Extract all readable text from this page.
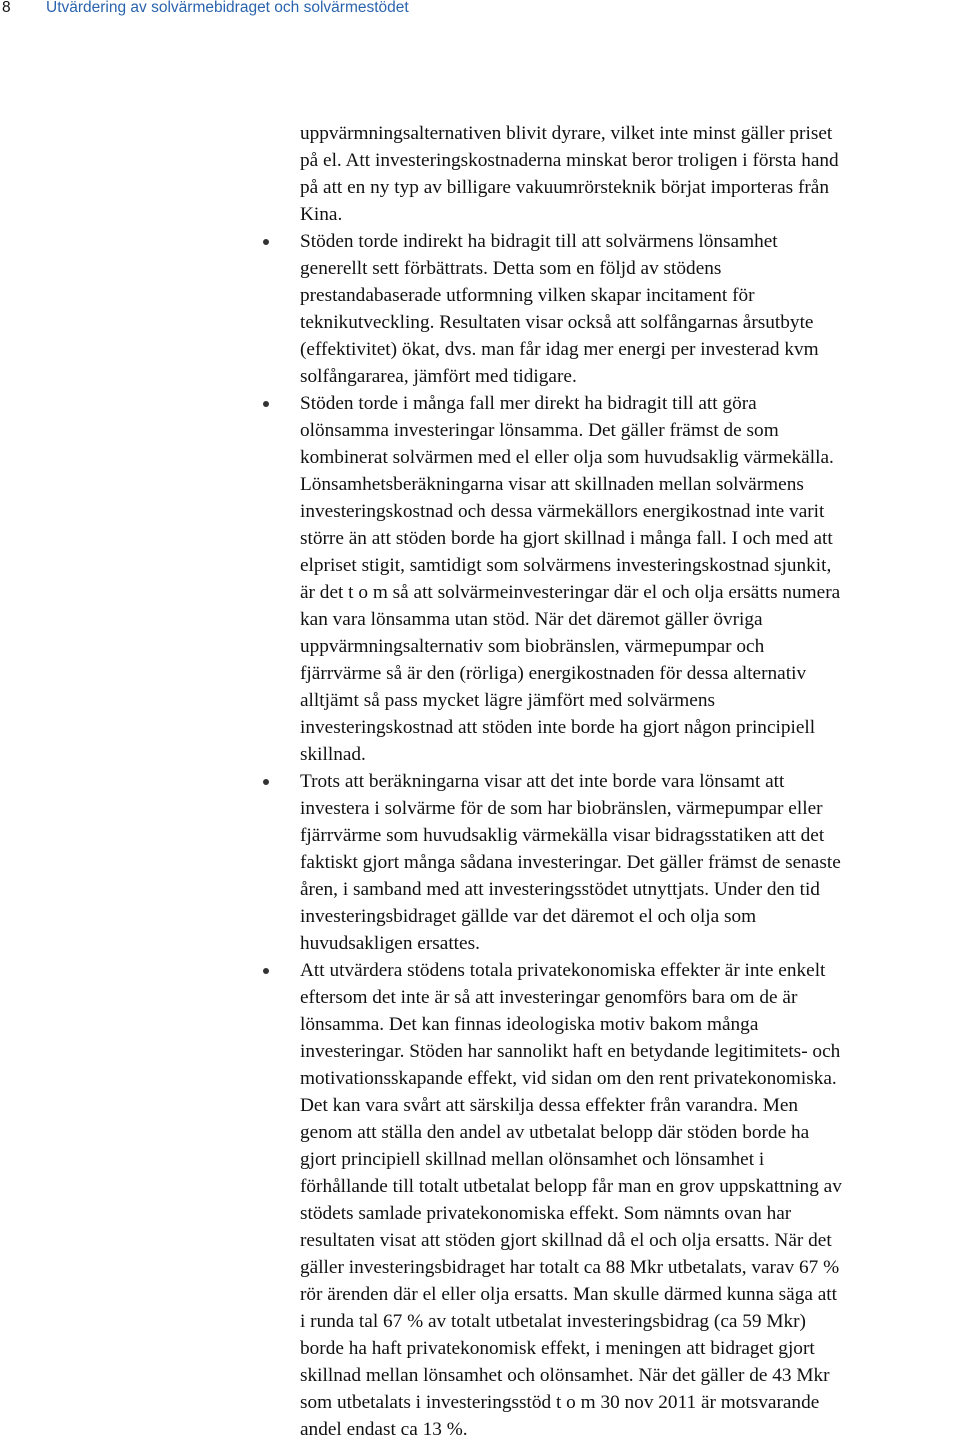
8 Utvärdering av solvärmebidraget och solvärmestödet
uppvärmningsalternativen blivit dyrare, vilket inte minst gäller priset
på el. Att investeringskostnaderna minskat beror troligen i första hand
på att en ny typ av billigare vakuumrörsteknik börjat importeras från
Kina.
Stöden torde indirekt ha bidragit till att solvärmens lönsamhet
generellt sett förbättrats. Detta som en följd av stödens
prestandabaserade utformning vilken skapar incitament för
teknikutveckling. Resultaten visar också att solfångarnas årsutbyte
(effektivitet) ökat, dvs. man får idag mer energi per investerad kvm
solfångararea, jämfört med tidigare.
Stöden torde i många fall mer direkt ha bidragit till att göra
olönsamma investeringar lönsamma. Det gäller främst de som
kombinerat solvärmen med el eller olja som huvudsaklig värmekälla.
Lönsamhetsberäkningarna visar att skillnaden mellan solvärmens
investeringskostnad och dessa värmekällors energikostnad inte varit
större än att stöden borde ha gjort skillnad i många fall. I och med att
elpriset stigit, samtidigt som solvärmens investeringskostnad sjunkit,
är det t o m så att solvärmeinvesteringar där el och olja ersätts numera
kan vara lönsamma utan stöd. När det däremot gäller övriga
uppvärmningsalternativ som biobränslen, värmepumpar och
fjärrvärme så är den (rörliga) energikostnaden för dessa alternativ
alltjämt så pass mycket lägre jämfört med solvärmens
investeringskostnad att stöden inte borde ha gjort någon principiell
skillnad.
Trots att beräkningarna visar att det inte borde vara lönsamt att
investera i solvärme för de som har biobränslen, värmepumpar eller
fjärrvärme som huvudsaklig värmekälla visar bidragsstatiken att det
faktiskt gjort många sådana investeringar. Det gäller främst de senaste
åren, i samband med att investeringsstödet utnyttjats. Under den tid
investeringsbidraget gällde var det däremot el och olja som
huvudsakligen ersattes.
Att utvärdera stödens totala privatekonomiska effekter är inte enkelt
eftersom det inte är så att investeringar genomförs bara om de är
lönsamma. Det kan finnas ideologiska motiv bakom många
investeringar. Stöden har sannolikt haft en betydande legitimitets- och
motivationsskapande effekt, vid sidan om den rent privatekonomiska.
Det kan vara svårt att särskilja dessa effekter från varandra. Men
genom att ställa den andel av utbetalat belopp där stöden borde ha
gjort principiell skillnad mellan olönsamhet och lönsamhet i
förhållande till totalt utbetalat belopp får man en grov uppskattning av
stödets samlade privatekonomiska effekt. Som nämnts ovan har
resultaten visat att stöden gjort skillnad då el och olja ersatts. När det
gäller investeringsbidraget har totalt ca 88 Mkr utbetalats, varav 67 %
rör ärenden där el eller olja ersatts. Man skulle därmed kunna säga att
i runda tal 67 % av totalt utbetalat investeringsbidrag (ca 59 Mkr)
borde ha haft privatekonomisk effekt, i meningen att bidraget gjort
skillnad mellan lönsamhet och olönsamhet. När det gäller de 43 Mkr
som utbetalats i investeringsstöd t o m 30 nov 2011 är motsvarande
andel endast ca 13 %.
